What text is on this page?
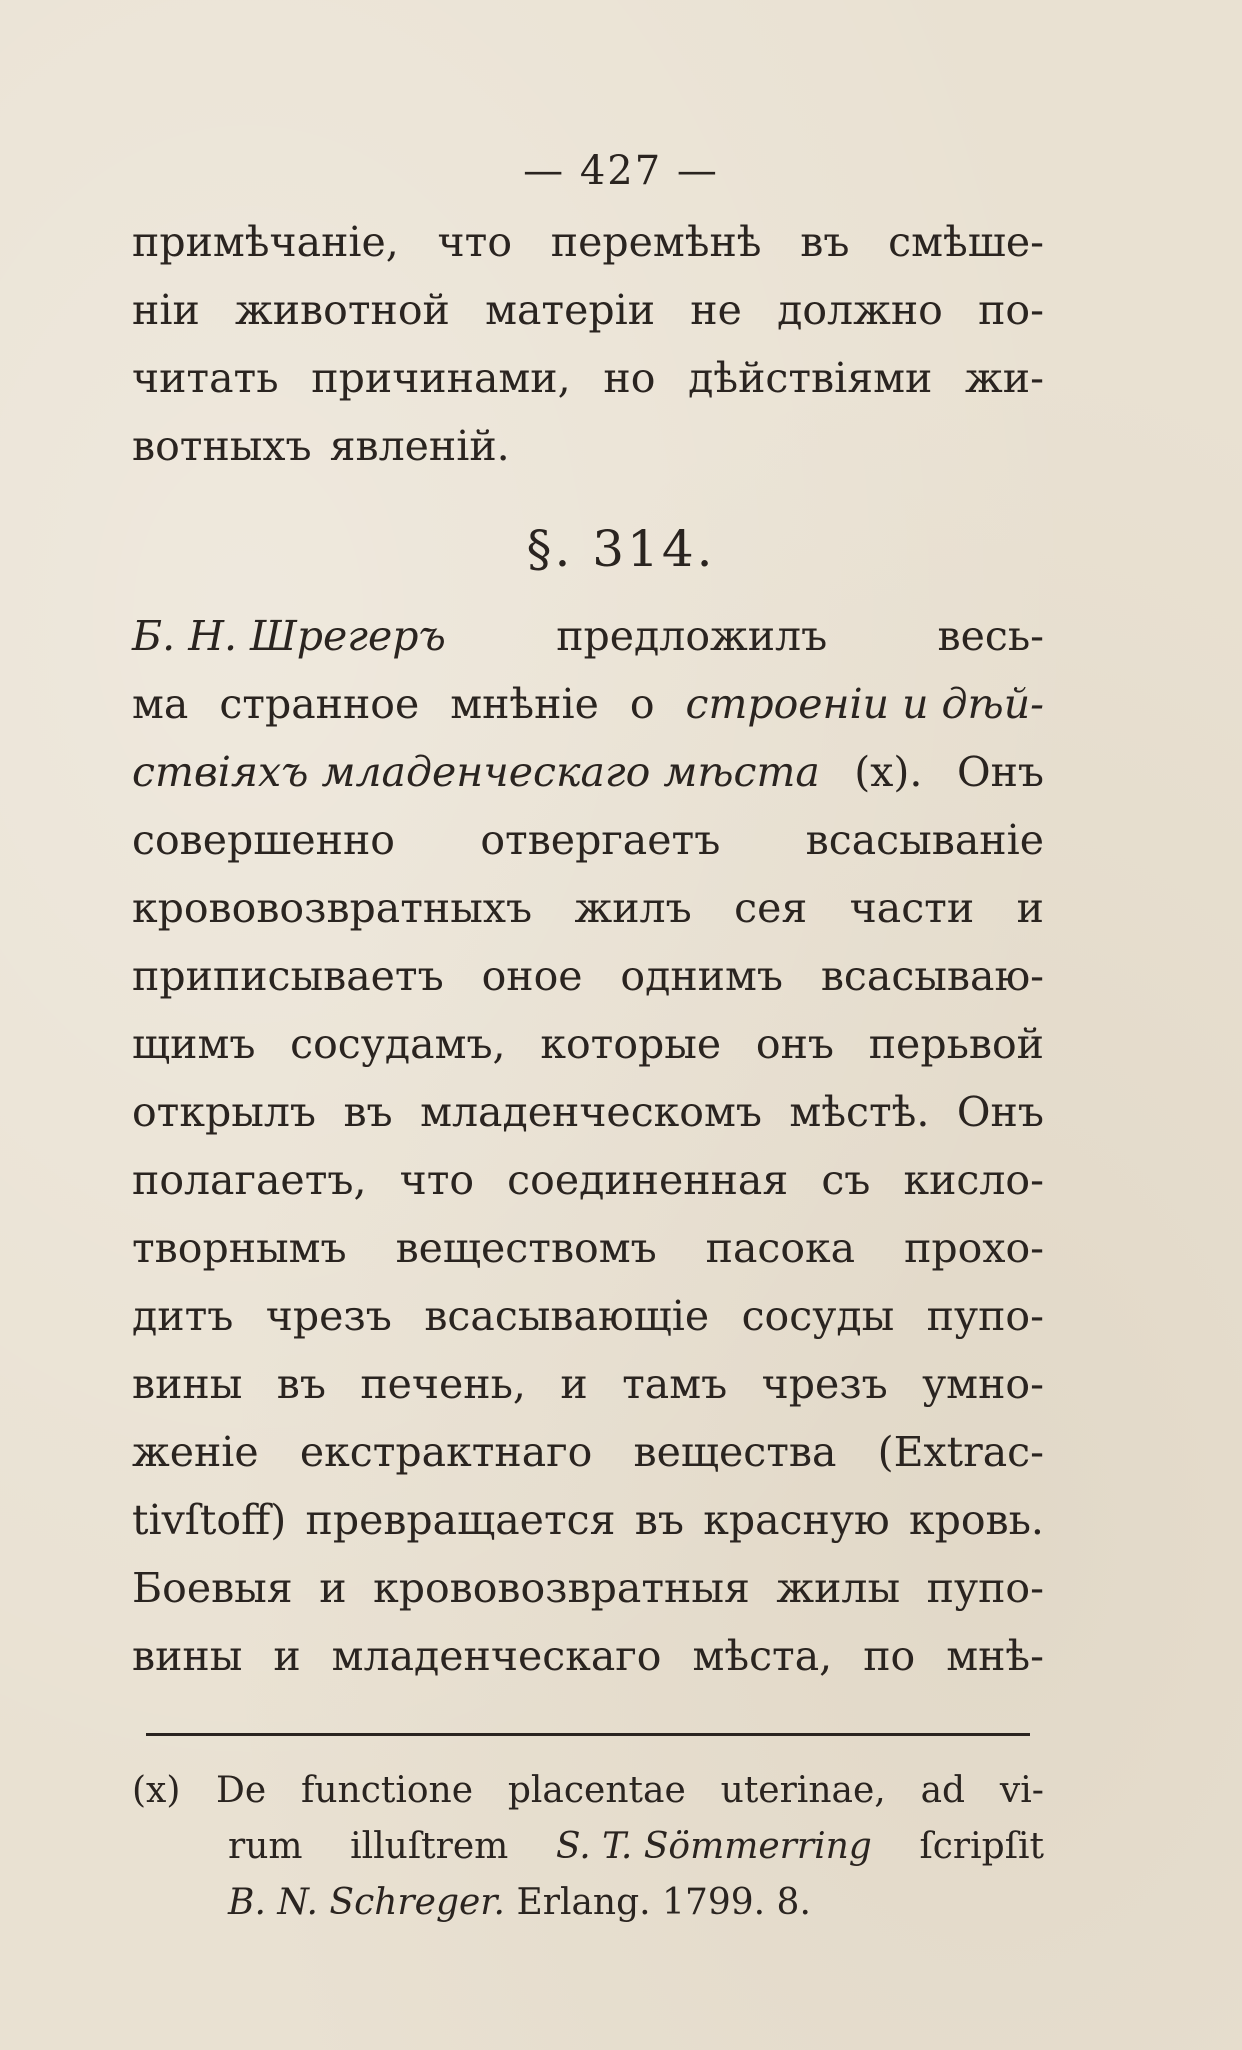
— 427 —
примѣчаніе, что перемѣнѣ въ смѣше-
ніи животной матеріи не должно по-
читать причинами, но дѣйствіями жи-
вотныхъ явленій.
§. 314.
Б. Н. Шрегеръ	предложилъ	весь-
ма странное мнѣніе о строеніи и дѣй-
ствіяхъ младенческаго мѣста (x). Онъ
совершенно отвергаетъ всасываніе
крововозвратныхъ жилъ сея части и
приписываетъ оное однимъ всасываю-
щимъ сосудамъ, которые онъ перьвой
открылъ въ младенческомъ мѣстѣ. Онъ
полагаетъ, что соединенная съ кисло-
творнымъ веществомъ пасока прохо-
дитъ чрезъ всасывающіе сосуды пупо-
вины въ печень, и тамъ чрезъ умно-
женіе екстрактнаго вещества (Extrac-
tivſtoff) превращается въ красную кровь.
Боевыя и крововозвратныя жилы пупо-
вины и младенческаго мѣста, по мнѣ-
(x) De functione placentae uterinae, ad vi-
rum illuſtrem S. T. Sömmerring ſcripſit
B. N. Schreger. Erlang. 1799. 8.
